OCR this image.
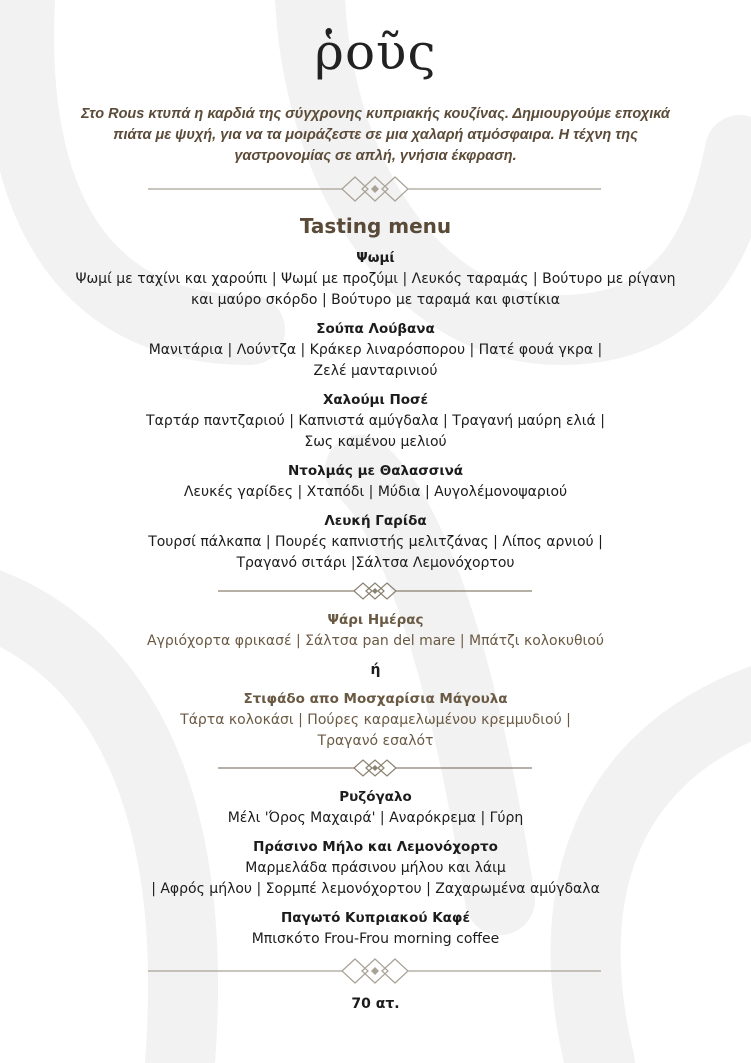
ῥοῦς
Στο Rous κτυπά η καρδιά της σύγχρονης κυπριακής κουζίνας. Δημιουργούμε εποχικά
πιάτα με ψυχή, για να τα μοιράζεστε σε μια χαλαρή ατμόσφαιρα. Η τέχνη της
γαστρονομίας σε απλή, γνήσια έκφραση.
Tasting menu
Ψωμί

Ψωμί με ταχίνι και χαρούπι | Ψωμί με προζύμι | Λευκός ταραμάς | Βούτυρο με ρίγανη

και μαύρο σκόρδο | Βούτυρο με ταραμά και φιστίκια

Σούπα Λούβανα

Μανιτάρια | Λούντζα | Κράκερ λιναρόσπορου | Πατέ φουά γκρα |

Ζελέ μανταρινιού

Χαλούμι Ποσέ

Ταρτάρ παντζαριού | Καπνιστά αμύγδαλα | Τραγανή μαύρη ελιά |

Σως καμένου μελιού

Ντολμάς με Θαλασσινά

Λευκές γαρίδες | Χταπόδι | Μύδια | Αυγολέμονοψαριού

Λευκή Γαρίδα

Τουρσί πάλκαπα | Πουρές καπνιστής μελιτζάνας | Λίπος αρνιού |

Τραγανό σιτάρι |Σάλτσα Λεμονόχορτου

Ψάρι Ημέρας

Αγριόχορτα φρικασέ | Σάλτσα pan del mare | Μπάτζι κολοκυθιού

ή
Στιφάδο απο Μοσχαρίσια Μάγουλα

Τάρτα κολοκάσι | Πούρες καραμελωμένου κρεμμυδιού |

Τραγανό εσαλότ

Ρυζόγαλο

Μέλι 'Όρος Μαχαιρά' | Αναρόκρεμα | Γύρη

Πράσινο Μήλο και Λεμονόχορτο

Μαρμελάδα πράσινου μήλου και λάιμ

| Αφρός μήλου | Σορμπέ λεμονόχορτου | Ζαχαρωμένα αμύγδαλα

Παγωτό Κυπριακού Καφέ

Μπισκότο Frou-Frou morning coffee

70 ατ.
